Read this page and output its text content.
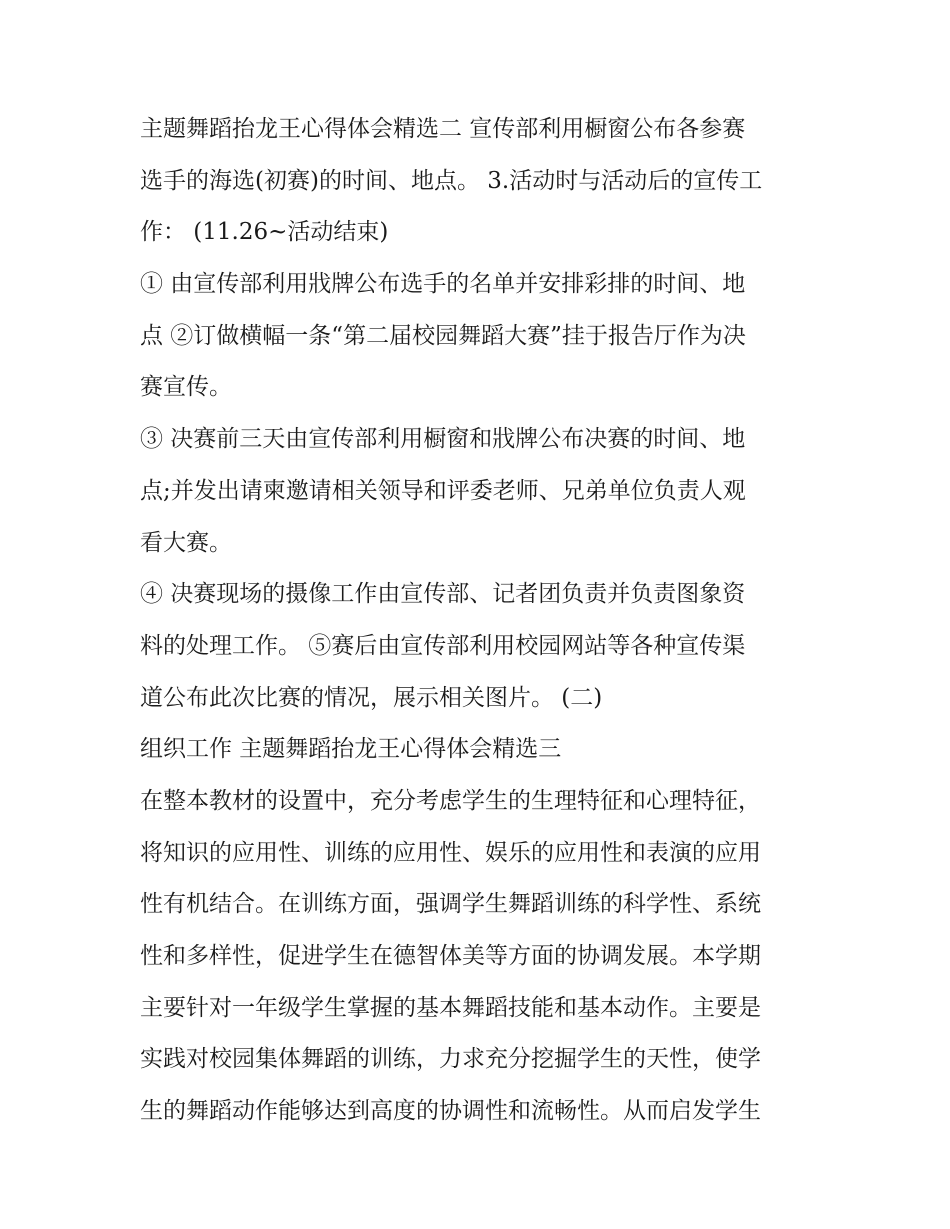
主题舞蹈抬龙王心得体会精选二 宣传部利用橱窗公布各参赛
选手的海选(初赛)的时间、地点。 3.活动时与活动后的宣传工
作： (11.26~活动结束)
① 由宣传部利用戕牌公布选手的名单并安排彩排的时间、地
点 ②订做横幅一条“第二届校园舞蹈大赛”挂于报告厅作为决
赛宣传。
③ 决赛前三天由宣传部利用橱窗和戕牌公布决赛的时间、地
点;并发出请柬邀请相关领导和评委老师、兄弟单位负责人观
看大赛。
④ 决赛现场的摄像工作由宣传部、记者团负责并负责图象资
料的处理工作。 ⑤赛后由宣传部利用校园网站等各种宣传渠
道公布此次比赛的情况，展示相关图片。 (二)
组织工作 主题舞蹈抬龙王心得体会精选三
在整本教材的设置中，充分考虑学生的生理特征和心理特征，
将知识的应用性、训练的应用性、娱乐的应用性和表演的应用
性有机结合。在训练方面，强调学生舞蹈训练的科学性、系统
性和多样性，促进学生在德智体美等方面的协调发展。本学期
主要针对一年级学生掌握的基本舞蹈技能和基本动作。主要是
实践对校园集体舞蹈的训练，力求充分挖掘学生的天性，使学
生的舞蹈动作能够达到高度的协调性和流畅性。从而启发学生
